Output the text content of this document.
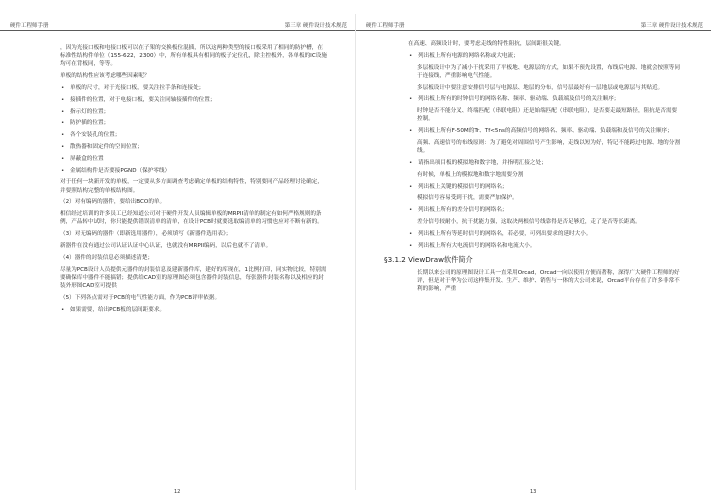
硬件工程师手册	第三章 硬件设计技术规范
，因为光接口板和电接口板可以在子架的交换板位混插，所以这两种类型的接口板采用了相同的防护槽，在标准性结构件单位（155-622，2300）中，所有单板具有相同的板子定位孔，除主控板外，各单板的IC设施均可在背板同，等等。
单板的结构性应该考虑哪些因素呢？
•
单板的尺寸，对于光接口板，要关注拉手条和连接处；
•
接插件的位置，对于电接口板，要关注同轴接插件的位置；
•
指示灯的位置；
•
防护插的位置；
•
各个安装孔的位置；
•
散热器和固定件的空间位置；
•
屏蔽盒的位置
•
金属结构件是否要接PGND（保护零线）
对于任何一块新开发的单板，一定要从多方面调查考虑确定单板的结构特性，特别要同产品经理讨论确定，并要照结构完整的单板结构图。
（2）对有编码的器件，要给出BCO的单。
相信经过培训的许多员工已经知道公司对于硬件开发人员编辑单板的MRPII清单的制定有如何严格规则的条例，产品转中试时，你只能提供错误清单的清单，在设计PCB时就要选取编清单的习惯也应对不断有新的。
（3）对无编码的器件（即新选用器件），必须填写《新器件选用表》；
新器件在没有通过公司认证认证中心认证，也就没有MRPII编码，以后也就不了清单。
（4）器件的封装信息必须描述清楚；
尽量为PCB设计人员提供元器件的封装信息及建新器件库，建好的库现在，1比例打印，同实物比较，特别需要确保库中器件不能搞错；提供给CAD室的原理图必须包含器件封装信息，每张器件封装名称以及相应的封装外形图CAD室可提供
（5）下列各点需对于PCB的电气性能方面，作为PCB评审依据。
•
如果需要，给出PCB板的层间距要求。
12
硬件工程师手册	第三章 硬件设计技术规范
在高速、高频设计时，要考虑走线的特性阻抗，层间距很关键。
•
列出板上所有电源的网络名称或大电流；
多层板设计中为了减小干扰采用了平板地、电源层的方式，如果不预先设置，布线后电源、地就会按照等同于连接线，严重影响电气性能。
多层板设计中要注意安排信号层与电源层、地层的分布，信号层最好有一层地层或电源层与其贴近。
•
列出板上所有的时钟信号的网络名称、频率、驱动端、负载端及信号的关注顺序；
时钟是否不能分叉、终端匹配（串联电阻）还是始端匹配（串联电阻），是否要走最短路径，阻抗是否需要控制。
•
列出板上所有F-50M的Tr、Tf<5ns的高频信号的网络名、频率、驱动端、负载端和及信号的关注顺序；
高频、高速信号的布线原则：为了避免对周围信号产生影响，走线以短为好，特记不能跨过电源、地的分割线。
•
请指出项目板的模拟地和数字地，并指明汇接之处；
有时候，单板上的模拟地和数字地需要分割
•
列出板上关键的模拟信号的网络名；
模拟信号容易受到干扰，需要严加保护。
•
列出板上所有的差分信号的网络名；
差分信号较耐小，抗干扰能力强，这取决两根信号线靠得是否足够近，走了是否等长距离。
•
列出板上所有等延时信号的网络名，若必要，可列出要求的延时大小。
•
列出板上所有大电流信号的网络名和电流大小。
§3.1.2 ViewDraw软件简介
长期以来公司的原理图设计工具一直采用Orcad，Orcad一向以使用方便而著称，深得广大硬件工程师的好评，但是对于华为公司这样集开发、生产、维护、销售与一体的大公司来说，Orcad平台存在了许多非常不利的影响，严重
13
